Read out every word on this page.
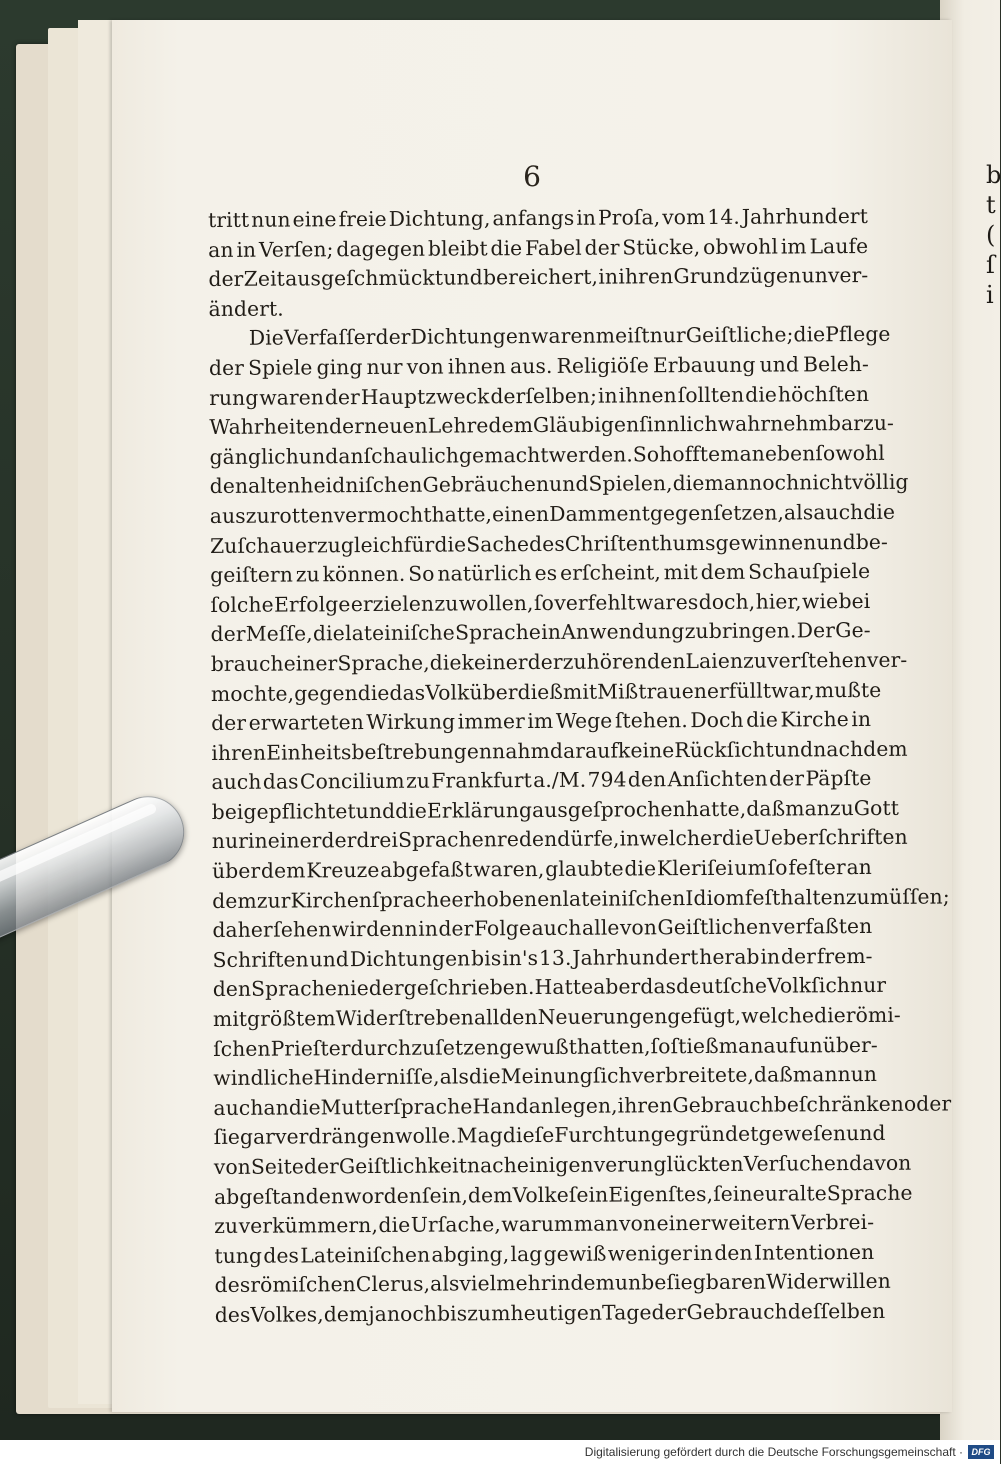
b
t
(
ſ
i
6
tritt nun eine freie Dichtung, anfangs in Proſa, vom 14. Jahrhundert
an in Verſen; dagegen bleibt die Fabel der Stücke, obwohl im Laufe
der Zeit ausgeſchmückt und bereichert, in ihren Grundzügen unver-
ändert.
Die Verfaſſer der Dichtungen waren meiſt nur Geiſtliche; die Pflege
der Spiele ging nur von ihnen aus. Religiöſe Erbauung und Beleh-
rung waren der Hauptzweck derſelben; in ihnen ſollten die höchſten
Wahrheiten der neuen Lehre dem Gläubigen ſinnlich wahrnehmbar zu-
gänglich und anſchaulich gemacht werden. So hoffte man ebenſowohl
den alten heidniſchen Gebräuchen und Spielen, die man noch nicht völlig
auszurotten vermocht hatte, einen Damm entgegenſetzen, als auch die
Zuſchauer zugleich für die Sache des Chriſtenthums gewinnen und be-
geiſtern zu können. So natürlich es erſcheint, mit dem Schauſpiele
ſolche Erfolge erzielen zu wollen, ſo verfehlt war es doch, hier, wie bei
der Meſſe, die lateiniſche Sprache in Anwendung zu bringen. Der Ge-
brauch einer Sprache, die keiner der zuhörenden Laien zu verſtehen ver-
mochte, gegen die das Volk überdieß mit Mißtrauen erfüllt war, mußte
der erwarteten Wirkung immer im Wege ſtehen. Doch die Kirche in
ihren Einheitsbeſtrebungen nahm darauf keine Rückſicht und nachdem
auch das Concilium zu Frankfurt a./M. 794 den Anſichten der Päpſte
beigepflichtet und die Erklärung ausgeſprochen hatte, daß man zu Gott
nur in einer der drei Sprachen reden dürfe, in welcher die Ueberſchriften
über dem Kreuze abgefaßt waren, glaubte die Kleriſei um ſo feſter an
dem zur Kirchenſprache erhobenen lateiniſchen Idiom feſthalten zu müſſen;
daher ſehen wir denn in der Folge auch alle von Geiſtlichen verfaßten
Schriften und Dichtungen bis in's 13. Jahrhundert herab in der frem-
den Sprache niedergeſchrieben. Hatte aber das deutſche Volk ſich nur
mit größtem Widerſtreben all den Neuerungen gefügt, welche die römi-
ſchen Prieſter durchzuſetzen gewußt hatten, ſo ſtieß man auf unüber-
windliche Hinderniſſe, als die Meinung ſich verbreitete, daß man nun
auch an die Mutterſprache Hand anlegen, ihren Gebrauch beſchränken oder
ſie gar verdrängen wolle. Mag dieſe Furcht ungegründet geweſen und
von Seite der Geiſtlichkeit nach einigen verunglückten Verſuchen davon
abgeſtanden worden ſein, dem Volke ſein Eigenſtes, ſeine uralte Sprache
zu verkümmern, die Urſache, warum man von einer weitern Verbrei-
tung des Lateiniſchen abging, lag gewiß weniger in den Intentionen
des römiſchen Clerus, als vielmehr in dem unbeſiegbaren Widerwillen
des Volkes, dem ja noch bis zum heutigen Tage der Gebrauch deſſelben
Digitalisierung gefördert durch die Deutsche Forschungsgemeinschaft · DFG
